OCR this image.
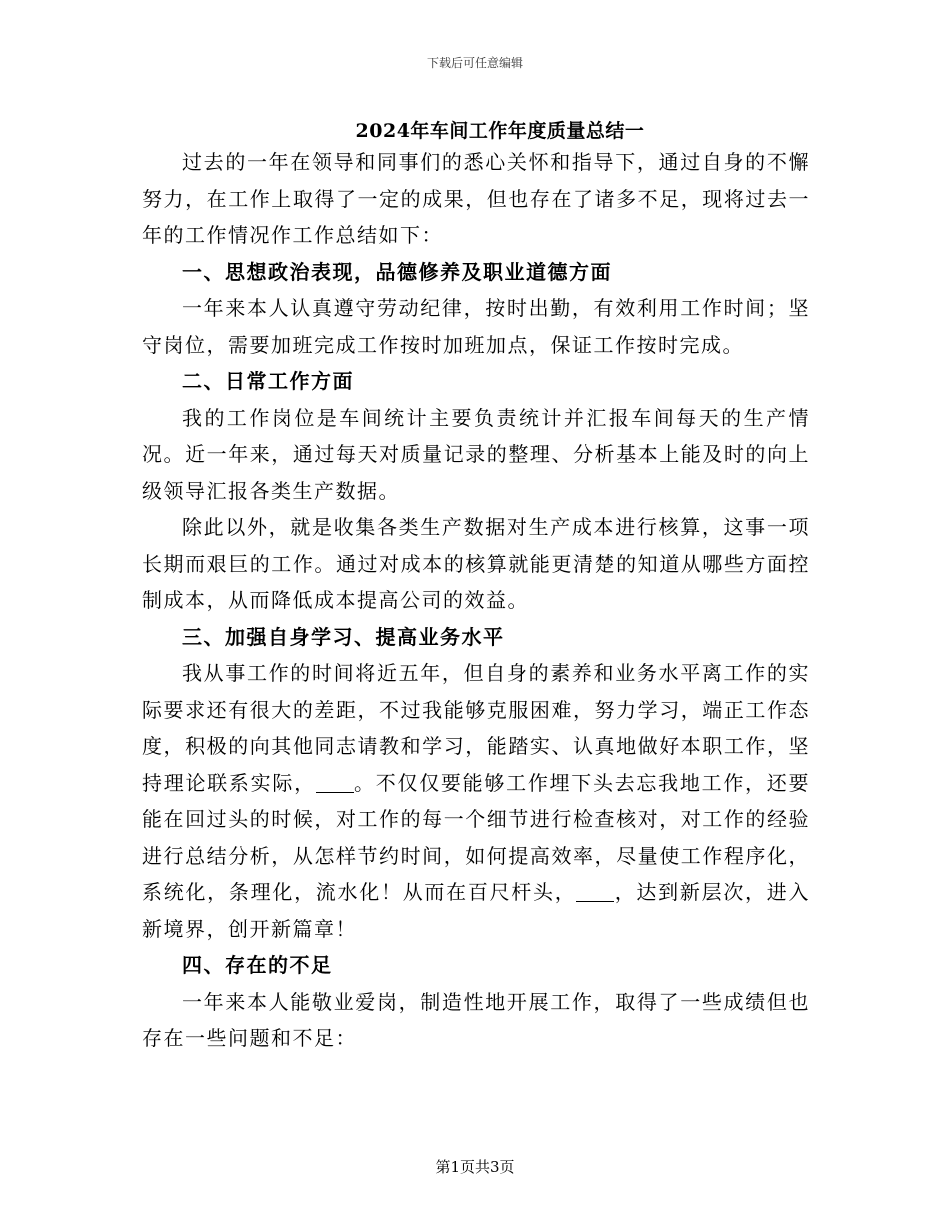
下载后可任意编辑
2024年车间工作年度质量总结一

过去的一年在领导和同事们的悉心关怀和指导下，通过自身的不懈努力，在工作上取得了一定的成果，但也存在了诸多不足，现将过去一年的工作情况作工作总结如下：

一、思想政治表现，品德修养及职业道德方面

一年来本人认真遵守劳动纪律，按时出勤，有效利用工作时间；坚守岗位，需要加班完成工作按时加班加点，保证工作按时完成。

二、日常工作方面

我的工作岗位是车间统计主要负责统计并汇报车间每天的生产情况。近一年来，通过每天对质量记录的整理、分析基本上能及时的向上级领导汇报各类生产数据。

除此以外，就是收集各类生产数据对生产成本进行核算，这事一项长期而艰巨的工作。通过对成本的核算就能更清楚的知道从哪些方面控制成本，从而降低成本提高公司的效益。

三、加强自身学习、提高业务水平

我从事工作的时间将近五年，但自身的素养和业务水平离工作的实际要求还有很大的差距，不过我能够克服困难，努力学习，端正工作态度，积极的向其他同志请教和学习，能踏实、认真地做好本职工作，坚持理论联系实际， 。不仅仅要能够工作埋下头去忘我地工作，还要能在回过头的时候，对工作的每一个细节进行检查核对，对工作的经验进行总结分析，从怎样节约时间，如何提高效率，尽量使工作程序化，系统化，条理化，流水化！从而在百尺杆头， ，达到新层次，进入新境界，创开新篇章！

四、存在的不足

一年来本人能敬业爱岗，制造性地开展工作，取得了一些成绩但也存在一些问题和不足：

第1页共3页
